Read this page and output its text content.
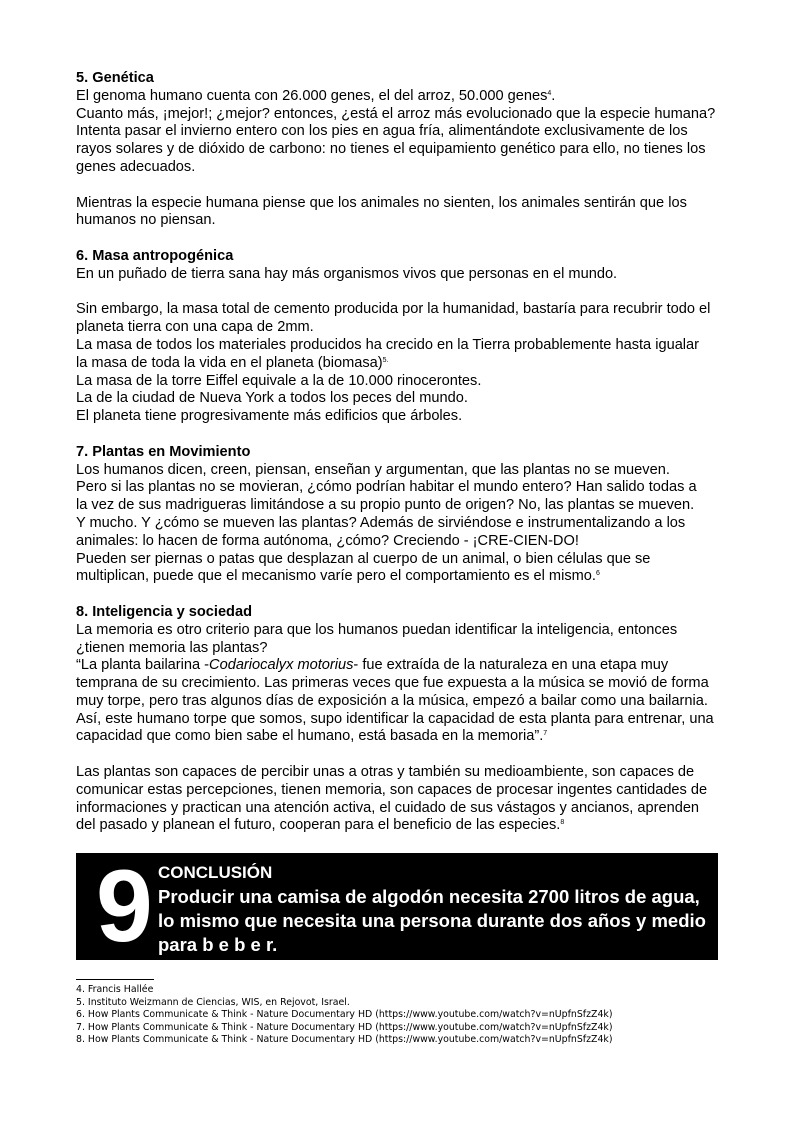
5. Genética
El genoma humano cuenta con 26.000 genes, el del arroz, 50.000 genes$^4$.
Cuanto más, ¡mejor!; ¿mejor? entonces, ¿está el arroz más evolucionado que la especie humana?
Intenta pasar el invierno entero con los pies en agua fría, alimentándote exclusivamente de los
rayos solares y de dióxido de carbono: no tienes el equipamiento genético para ello, no tienes los
genes adecuados.
Mientras la especie humana piense que los animales no sienten, los animales sentirán que los
humanos no piensan.
6. Masa antropogénica
En un puñado de tierra sana hay más organismos vivos que personas en el mundo.
Sin embargo, la masa total de cemento producida por la humanidad, bastaría para recubrir todo el
planeta tierra con una capa de 2mm.
La masa de todos los materiales producidos ha crecido en la Tierra probablemente hasta igualar
la masa de toda la vida en el planeta (biomasa)$^{5.}$
La masa de la torre Eiffel equivale a la de 10.000 rinocerontes.
La de la ciudad de Nueva York a todos los peces del mundo.
El planeta tiene progresivamente más edificios que árboles.
7. Plantas en Movimiento
Los humanos dicen, creen, piensan, enseñan y argumentan, que las plantas no se mueven.
Pero si las plantas no se movieran, ¿cómo podrían habitar el mundo entero? Han salido todas a
la vez de sus madrigueras limitándose a su propio punto de origen? No, las plantas se mueven.
Y mucho. Y ¿cómo se mueven las plantas? Además de sirviéndose e instrumentalizando a los
animales: lo hacen de forma autónoma, ¿cómo? Creciendo - ¡CRE-CIEN-DO!
Pueden ser piernas o patas que desplazan al cuerpo de un animal, o bien células que se
multiplican, puede que el mecanismo varíe pero el comportamiento es el mismo.$^6$
8. Inteligencia y sociedad
La memoria es otro criterio para que los humanos puedan identificar la inteligencia, entonces
¿tienen memoria las plantas?
“La planta bailarina -Codariocalyx motorius- fue extraída de la naturaleza en una etapa muy
temprana de su crecimiento. Las primeras veces que fue expuesta a la música se movió de forma
muy torpe, pero tras algunos días de exposición a la música, empezó a bailar como una bailarnia.
Así, este humano torpe que somos, supo identificar la capacidad de esta planta para entrenar, una
capacidad que como bien sabe el humano, está basada en la memoria”.$^7$
Las plantas son capaces de percibir unas a otras y también su medioambiente, son capaces de
comunicar estas percepciones, tienen memoria, son capaces de procesar ingentes cantidades de
informaciones y practican una atención activa, el cuidado de sus vástagos y ancianos, aprenden
del pasado y planean el futuro, cooperan para el beneficio de las especies.$^8$
9 CONCLUSIÓN
Producir una camisa de algodón necesita 2700 litros de agua,
lo mismo que necesita una persona durante dos años y medio
para b e b e r.
4. Francis Hallée
5. Instituto Weizmann de Ciencias, WIS, en Rejovot, Israel.
6. How Plants Communicate & Think - Nature Documentary HD (https://www.youtube.com/watch?v=nUpfnSfzZ4k)
7. How Plants Communicate & Think - Nature Documentary HD (https://www.youtube.com/watch?v=nUpfnSfzZ4k)
8. How Plants Communicate & Think - Nature Documentary HD (https://www.youtube.com/watch?v=nUpfnSfzZ4k)
